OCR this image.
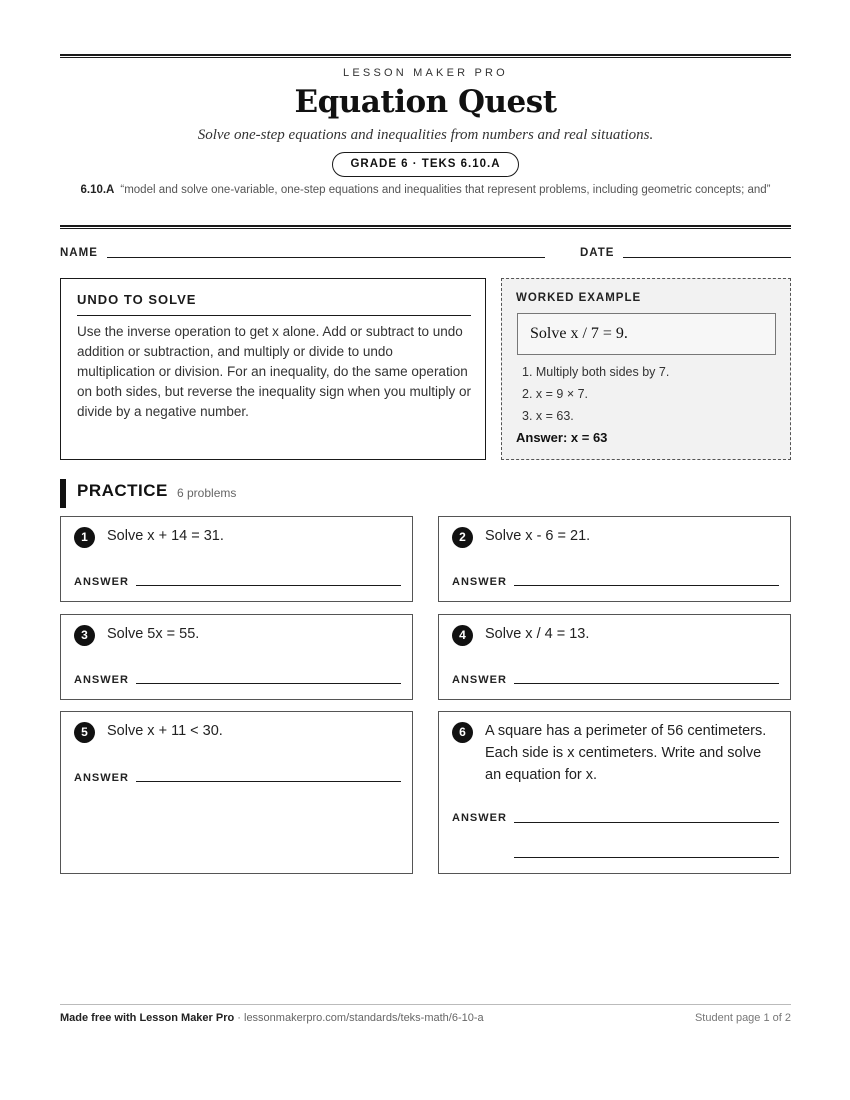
LESSON MAKER PRO
Equation Quest
Solve one-step equations and inequalities from numbers and real situations.
GRADE 6 · TEKS 6.10.A
6.10.A “model and solve one-variable, one-step equations and inequalities that represent problems, including geometric concepts; and”
NAME	DATE
UNDO TO SOLVE
Use the inverse operation to get x alone. Add or subtract to undo addition or subtraction, and multiply or divide to undo multiplication or division. For an inequality, do the same operation on both sides, but reverse the inequality sign when you multiply or divide by a negative number.
WORKED EXAMPLE
Solve x / 7 = 9.
1. Multiply both sides by 7.
2. x = 9 × 7.
3. x = 63.
Answer: x = 63
PRACTICE 6 problems
1	Solve x + 14 = 31.
ANSWER
2	Solve x - 6 = 21.
ANSWER
3	Solve 5x = 55.
ANSWER
4	Solve x / 4 = 13.
ANSWER
5	Solve x + 11 < 30.
ANSWER
6	A square has a perimeter of 56 centimeters. Each side is x centimeters. Write and solve an equation for x.
ANSWER
Made free with Lesson Maker Pro · lessonmakerpro.com/standards/teks-math/6-10-a	Student page 1 of 2
